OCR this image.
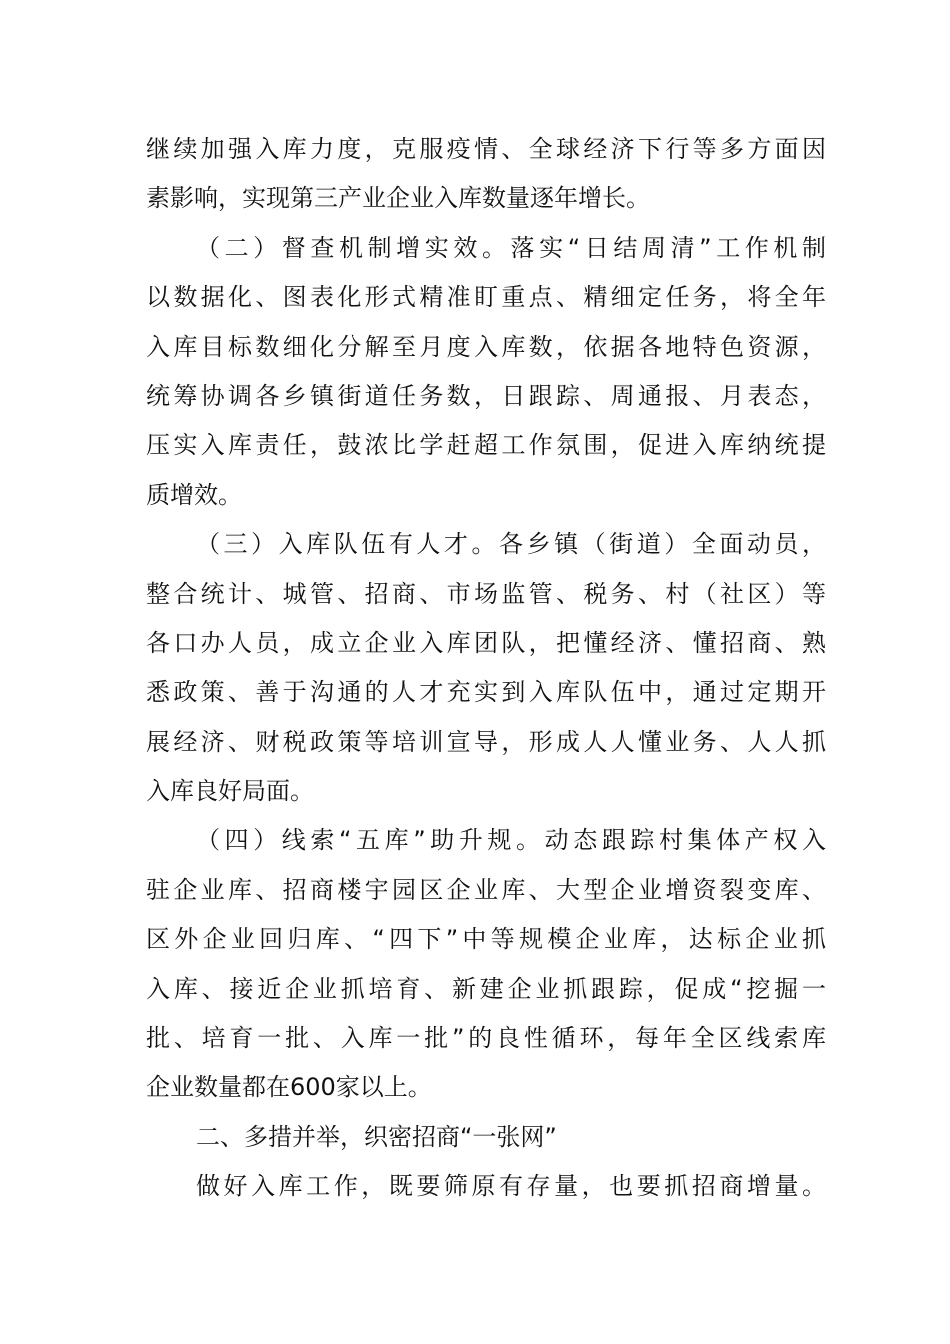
继续加强入库力度，克服疫情、全球经济下行等多方面因
素影响，实现第三产业企业入库数量逐年增长。
（二）督查机制增实效。落实“日结周清”工作机制
以数据化、图表化形式精准盯重点、精细定任务，将全年
入库目标数细化分解至月度入库数，依据各地特色资源，
统筹协调各乡镇街道任务数，日跟踪、周通报、月表态，
压实入库责任，鼓浓比学赶超工作氛围，促进入库纳统提
质增效。
（三）入库队伍有人才。各乡镇（街道）全面动员，
整合统计、城管、招商、市场监管、税务、村（社区）等
各口办人员，成立企业入库团队，把懂经济、懂招商、熟
悉政策、善于沟通的人才充实到入库队伍中，通过定期开
展经济、财税政策等培训宣导，形成人人懂业务、人人抓
入库良好局面。
（四）线索“五库”助升规。动态跟踪村集体产权入
驻企业库、招商楼宇园区企业库、大型企业增资裂变库、
区外企业回归库、“四下”中等规模企业库，达标企业抓
入库、接近企业抓培育、新建企业抓跟踪，促成“挖掘一
批、培育一批、入库一批”的良性循环，每年全区线索库
企业数量都在600家以上。
二、多措并举，织密招商“一张网”
做好入库工作，既要筛原有存量，也要抓招商增量。
